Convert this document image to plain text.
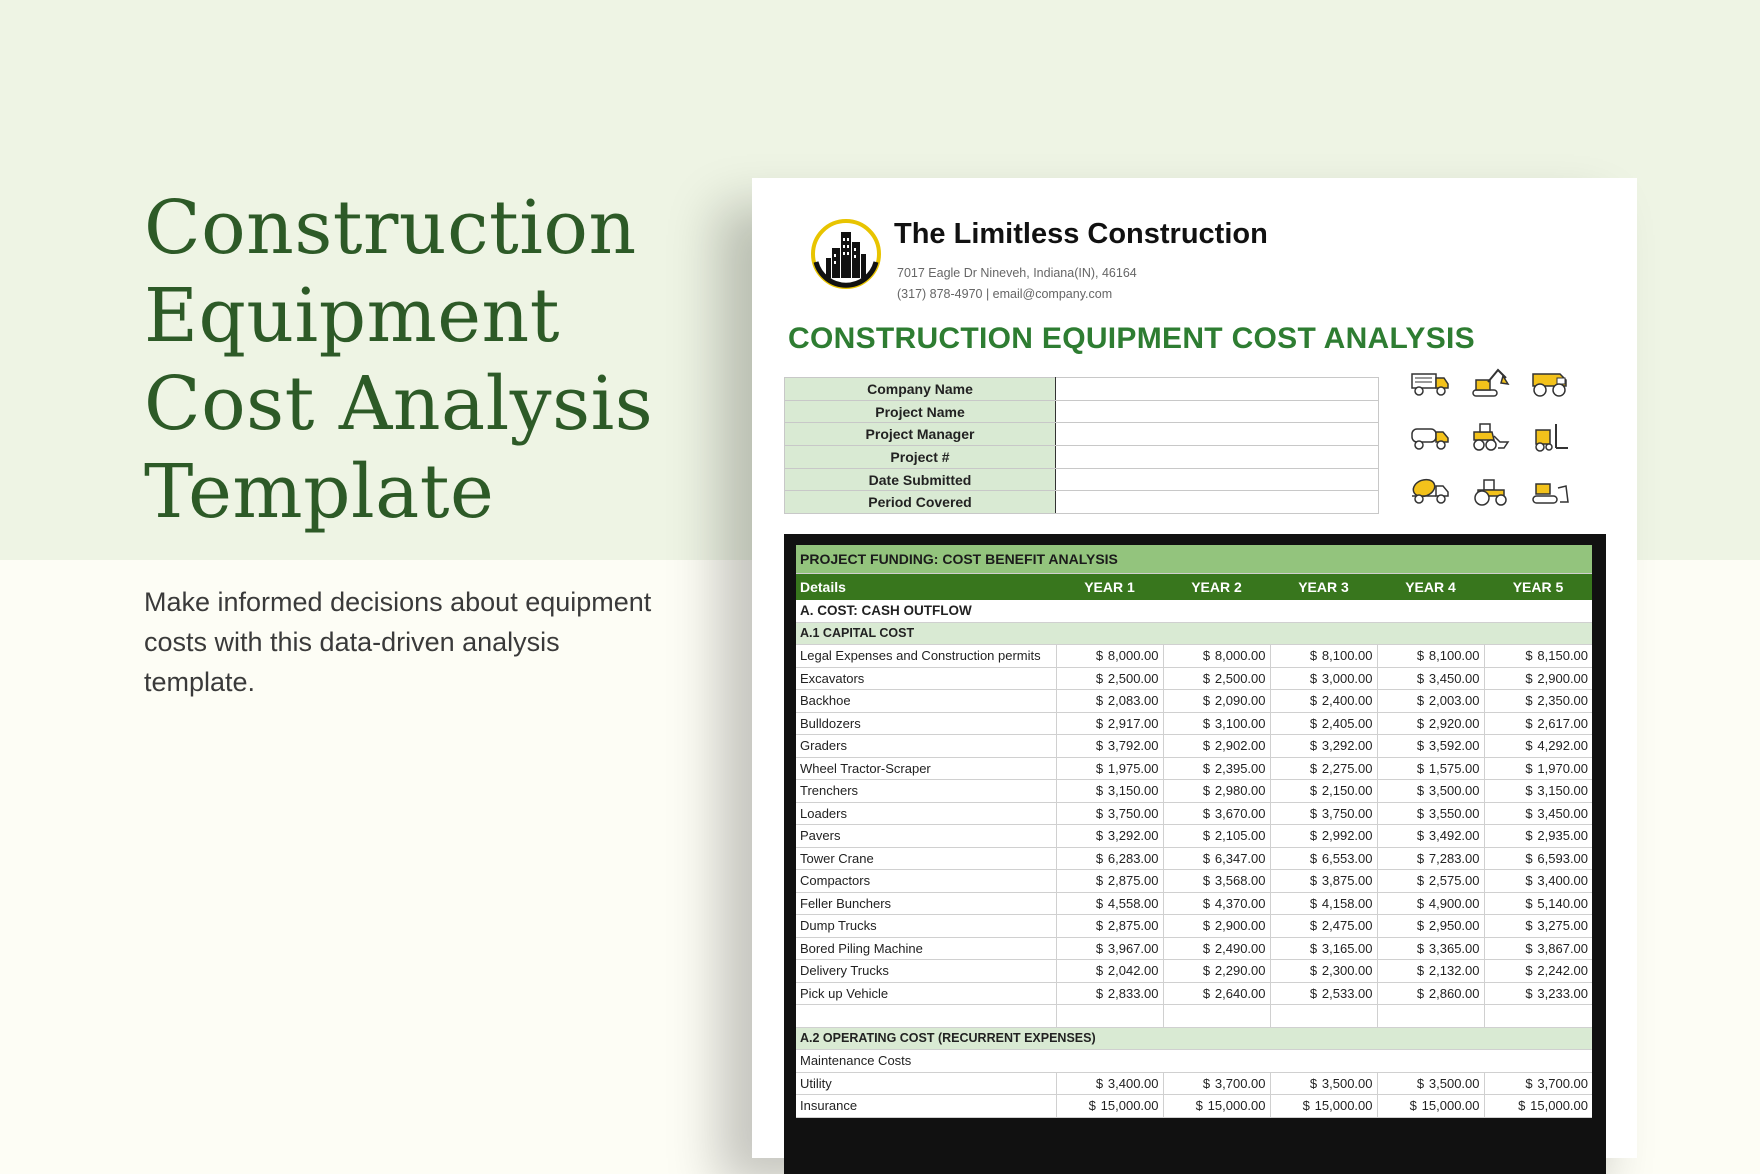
Construction
Equipment
Cost Analysis
Template

Make informed decisions about equipment costs with this data-driven analysis template.

The Limitless Construction
7017 Eagle Dr Nineveh, Indiana(IN), 46164
(317) 878-4970 | email@company.com
CONSTRUCTION EQUIPMENT COST ANALYSIS
Company Name	
Project Name	
Project Manager	
Project #	
Date Submitted	
Period Covered	
PROJECT FUNDING: COST BENEFIT ANALYSIS					
Details	YEAR 1	YEAR 2	YEAR 3	YEAR 4	YEAR 5
A. COST: CASH OUTFLOW					
A.1 CAPITAL COST					
Legal Expenses and Construction permits	$ 8,000.00	$ 8,000.00	$ 8,100.00	$ 8,100.00	$ 8,150.00

Excavators	$ 2,500.00	$ 2,500.00	$ 3,000.00	$ 3,450.00	$ 2,900.00

Backhoe	$ 2,083.00	$ 2,090.00	$ 2,400.00	$ 2,003.00	$ 2,350.00

Bulldozers	$ 2,917.00	$ 3,100.00	$ 2,405.00	$ 2,920.00	$ 2,617.00

Graders	$ 3,792.00	$ 2,902.00	$ 3,292.00	$ 3,592.00	$ 4,292.00

Wheel Tractor-Scraper	$ 1,975.00	$ 2,395.00	$ 2,275.00	$ 1,575.00	$ 1,970.00

Trenchers	$ 3,150.00	$ 2,980.00	$ 2,150.00	$ 3,500.00	$ 3,150.00

Loaders	$ 3,750.00	$ 3,670.00	$ 3,750.00	$ 3,550.00	$ 3,450.00

Pavers	$ 3,292.00	$ 2,105.00	$ 2,992.00	$ 3,492.00	$ 2,935.00

Tower Crane	$ 6,283.00	$ 6,347.00	$ 6,553.00	$ 7,283.00	$ 6,593.00

Compactors	$ 2,875.00	$ 3,568.00	$ 3,875.00	$ 2,575.00	$ 3,400.00

Feller Bunchers	$ 4,558.00	$ 4,370.00	$ 4,158.00	$ 4,900.00	$ 5,140.00

Dump Trucks	$ 2,875.00	$ 2,900.00	$ 2,475.00	$ 2,950.00	$ 3,275.00

Bored Piling Machine	$ 3,967.00	$ 2,490.00	$ 3,165.00	$ 3,365.00	$ 3,867.00

Delivery Trucks	$ 2,042.00	$ 2,290.00	$ 2,300.00	$ 2,132.00	$ 2,242.00

Pick up Vehicle	$ 2,833.00	$ 2,640.00	$ 2,533.00	$ 2,860.00	$ 3,233.00

A.2 OPERATING COST (RECURRENT EXPENSES)					
Maintenance Costs					
Utility	$ 3,400.00	$ 3,700.00	$ 3,500.00	$ 3,500.00	$ 3,700.00

Insurance	$ 15,000.00	$ 15,000.00	$ 15,000.00	$ 15,000.00	$ 15,000.00
